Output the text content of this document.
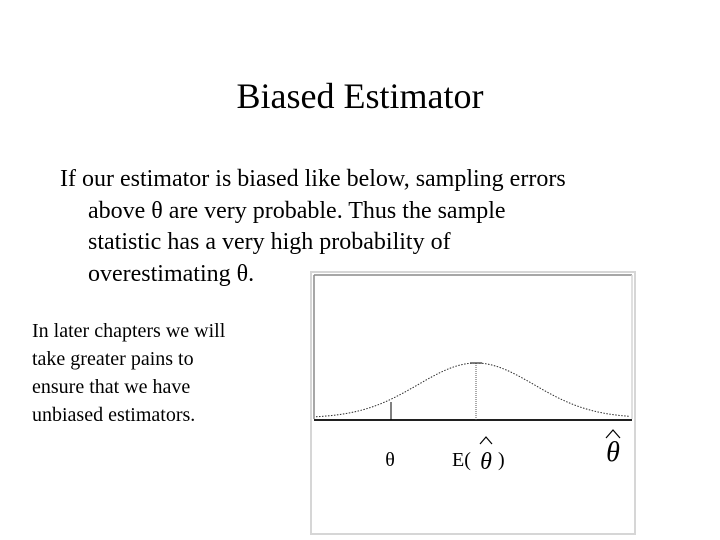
Biased Estimator
If our estimator is biased like below, sampling errors
above θ are very probable. Thus the sample
statistic has a very high probability of
overestimating θ.
In later chapters we will
take greater pains to
ensure that we have
unbiased estimators.
θ	E( θ )	θ
